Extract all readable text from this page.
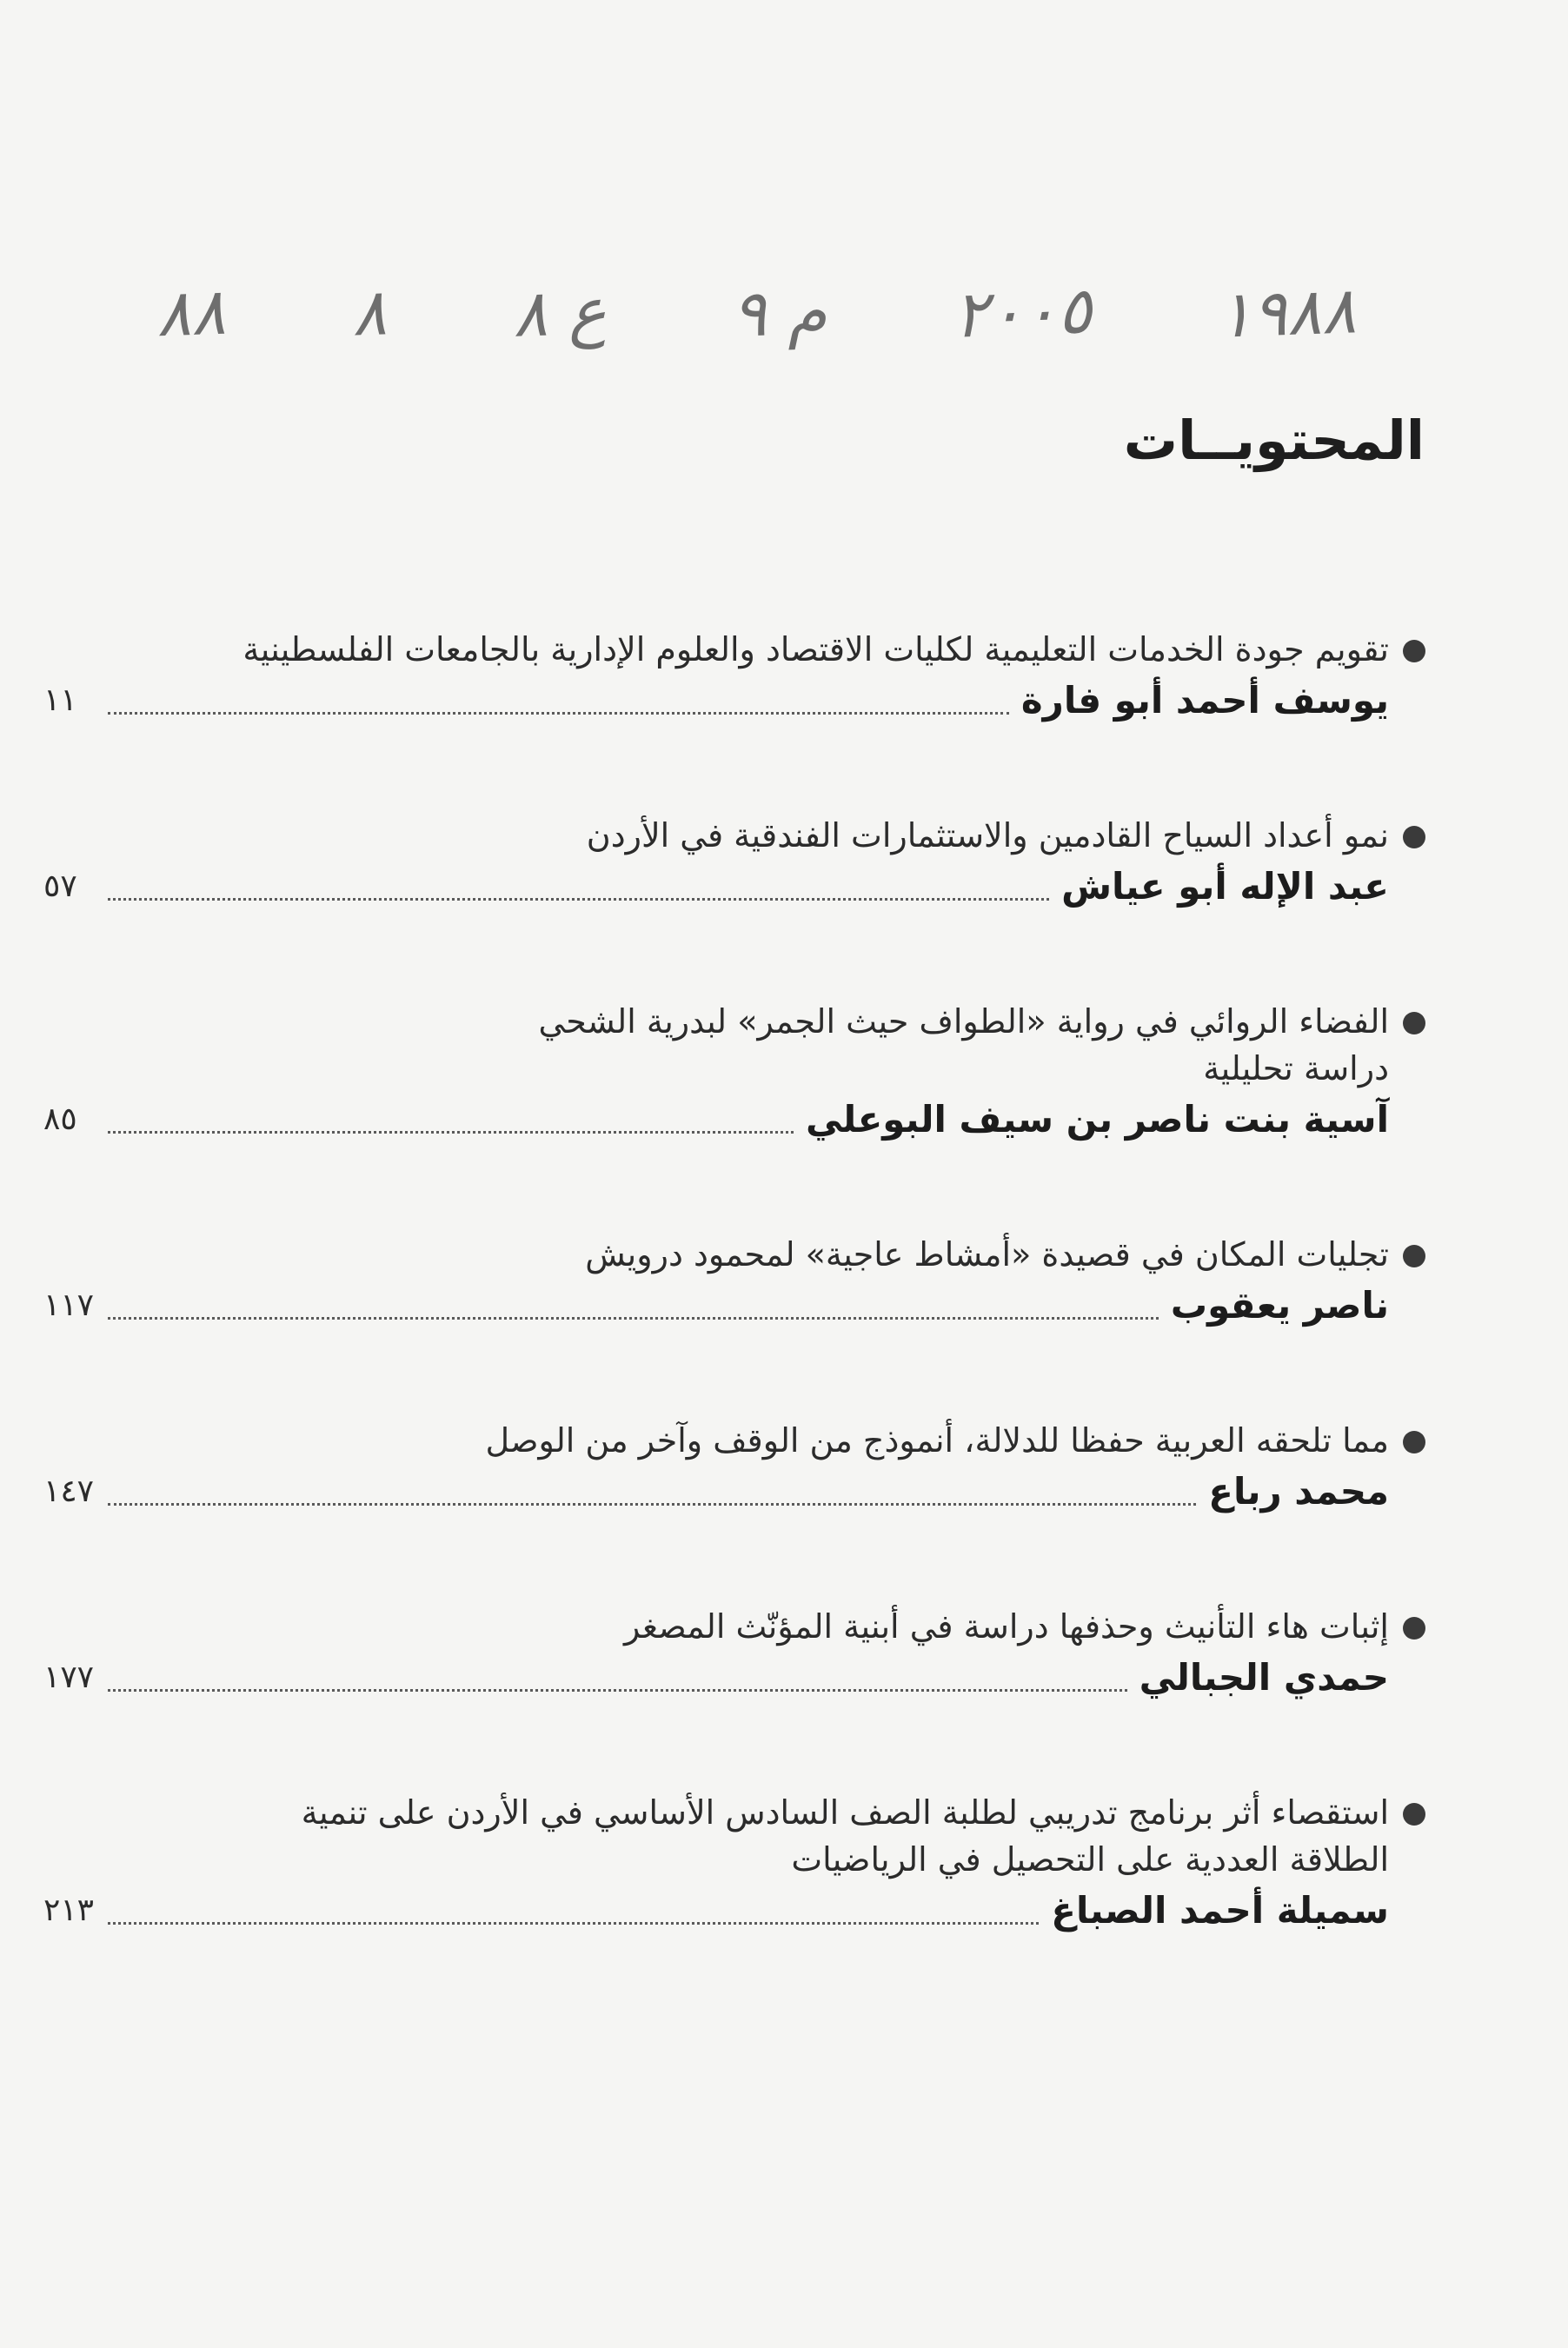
١٩٨٨
٢٠٠٥
م ٩
ع ٨
٨
٨٨
المحتويــات
تقويم جودة الخدمات التعليمية لكليات الاقتصاد والعلوم الإدارية بالجامعات الفلسطينية
يوسف أحمد أبو فارة
١١
نمو أعداد السياح القادمين والاستثمارات الفندقية في الأردن
عبد الإله أبو عياش
٥٧
الفضاء الروائي في رواية «الطواف حيث الجمر» لبدرية الشحي
دراسة تحليلية
آسية بنت ناصر بن سيف البوعلي
٨٥
تجليات المكان في قصيدة «أمشاط عاجية» لمحمود درويش
ناصر يعقوب
١١٧
مما تلحقه العربية حفظا للدلالة، أنموذج من الوقف وآخر من الوصل
محمد رباع
١٤٧
إثبات هاء التأنيث وحذفها دراسة في أبنية المؤنّث المصغر
حمدي الجبالي
١٧٧
استقصاء أثر برنامج تدريبي لطلبة الصف السادس الأساسي في الأردن على تنمية
الطلاقة العددية على التحصيل في الرياضيات
سميلة أحمد الصباغ
٢١٣
